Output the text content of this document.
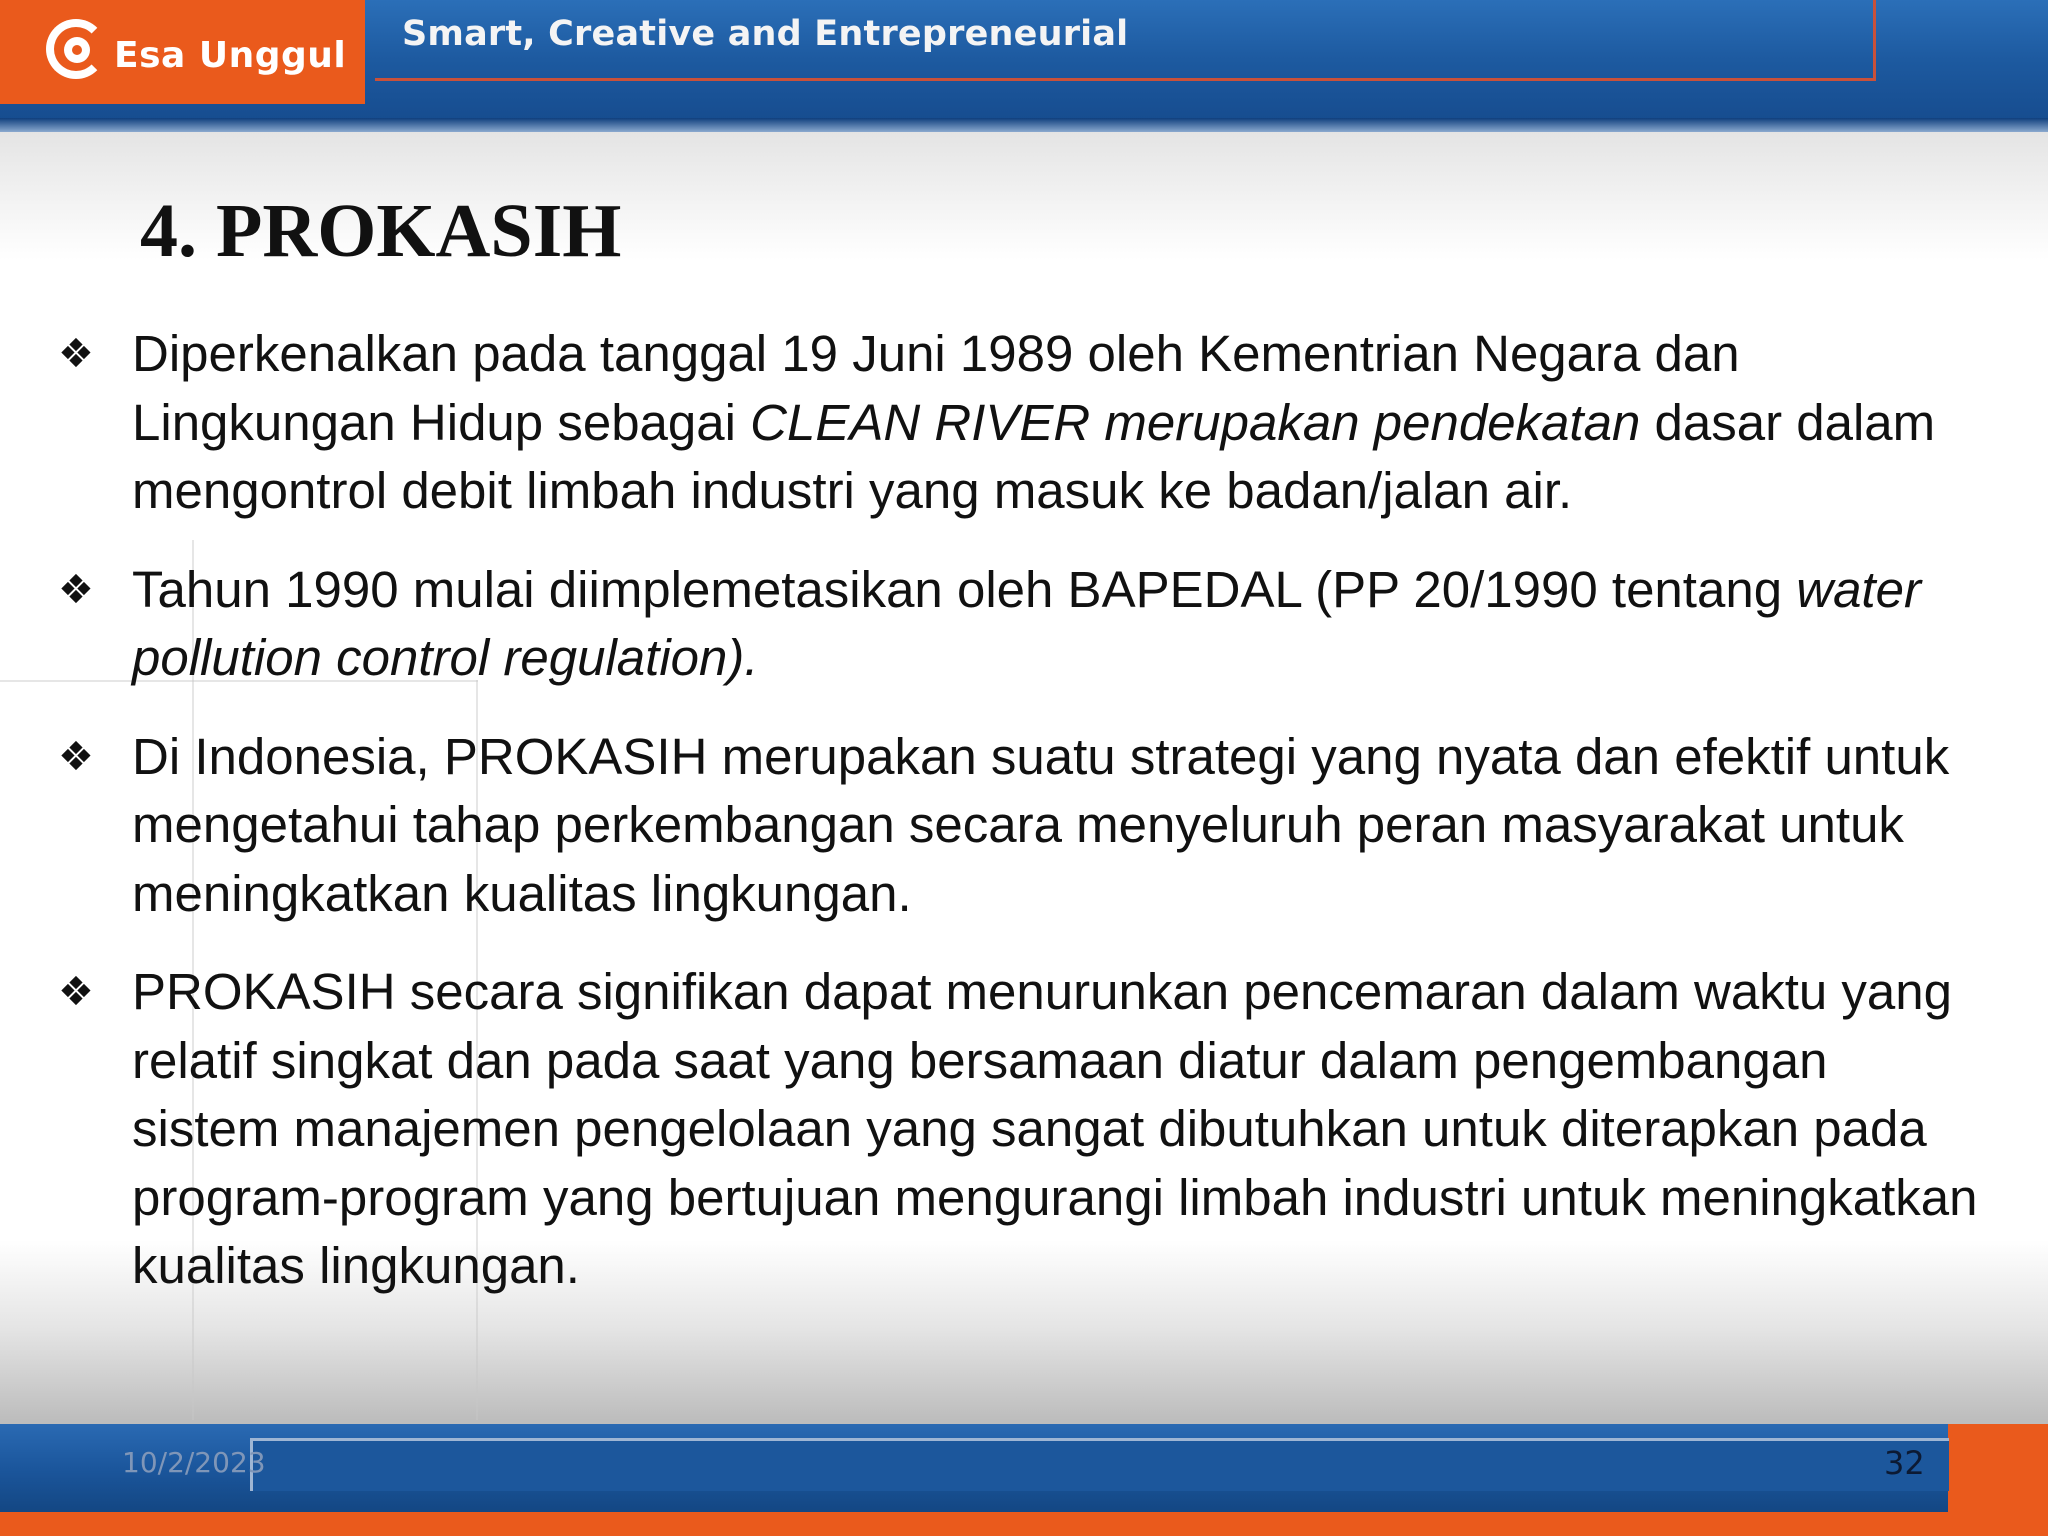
Esa Unggul
Smart, Creative and Entrepreneurial
4. PROKASIH
❖ Diperkenalkan pada tanggal 19 Juni 1989 oleh Kementrian Negara dan Lingkungan Hidup sebagai CLEAN RIVER merupakan pendekatan dasar dalam mengontrol debit limbah industri yang masuk ke badan/jalan air.
❖ Tahun 1990 mulai diimplemetasikan oleh BAPEDAL (PP 20/1990 tentang water pollution control regulation).
❖ Di Indonesia, PROKASIH merupakan suatu strategi yang nyata dan efektif untuk mengetahui tahap perkembangan secara menyeluruh peran masyarakat untuk meningkatkan kualitas lingkungan.
❖ PROKASIH secara signifikan dapat menurunkan pencemaran dalam waktu yang relatif singkat dan pada saat yang bersamaan diatur dalam pengembangan sistem manajemen pengelolaan yang sangat dibutuhkan untuk diterapkan pada program-program yang bertujuan mengurangi limbah industri untuk meningkatkan kualitas lingkungan.
10/2/2023	32
